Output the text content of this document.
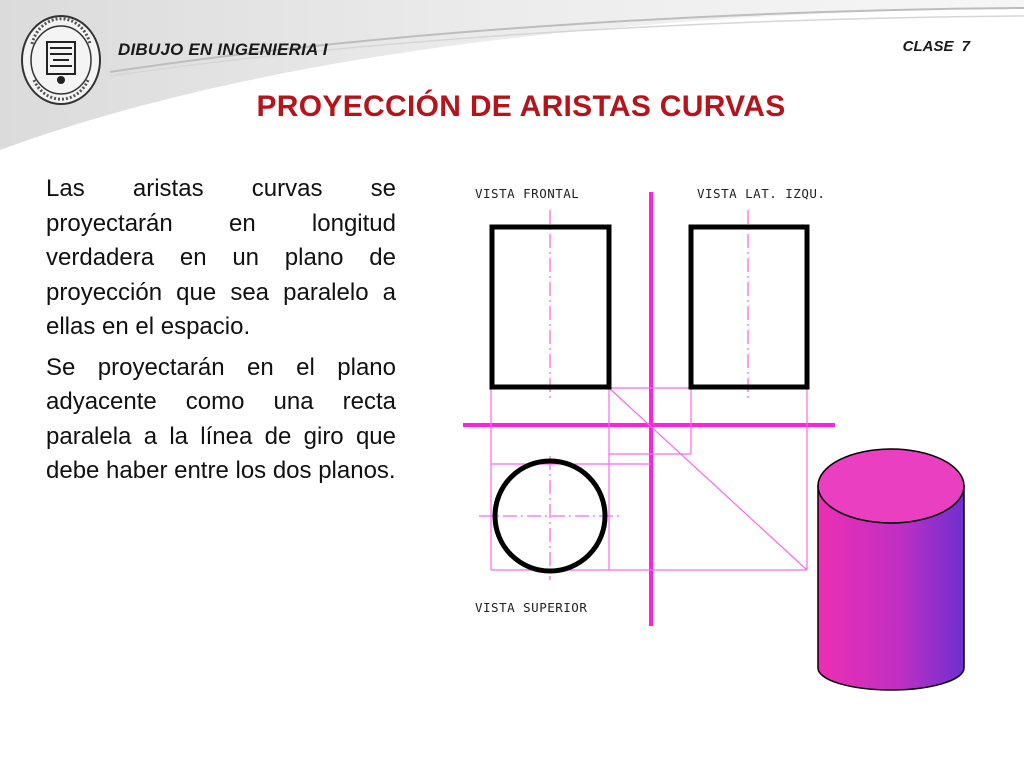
DIBUJO EN INGENIERIA I	CLASE 7
PROYECCIÓN DE ARISTAS CURVAS

Las aristas curvas se proyectarán en longitud verdadera en un plano de proyección que sea paralelo a ellas en el espacio.

Se proyectarán en el plano adyacente como una recta paralela a la línea de giro que debe haber entre los dos planos.

VISTA FRONTAL	VISTA LAT. IZQU.
VISTA SUPERIOR
